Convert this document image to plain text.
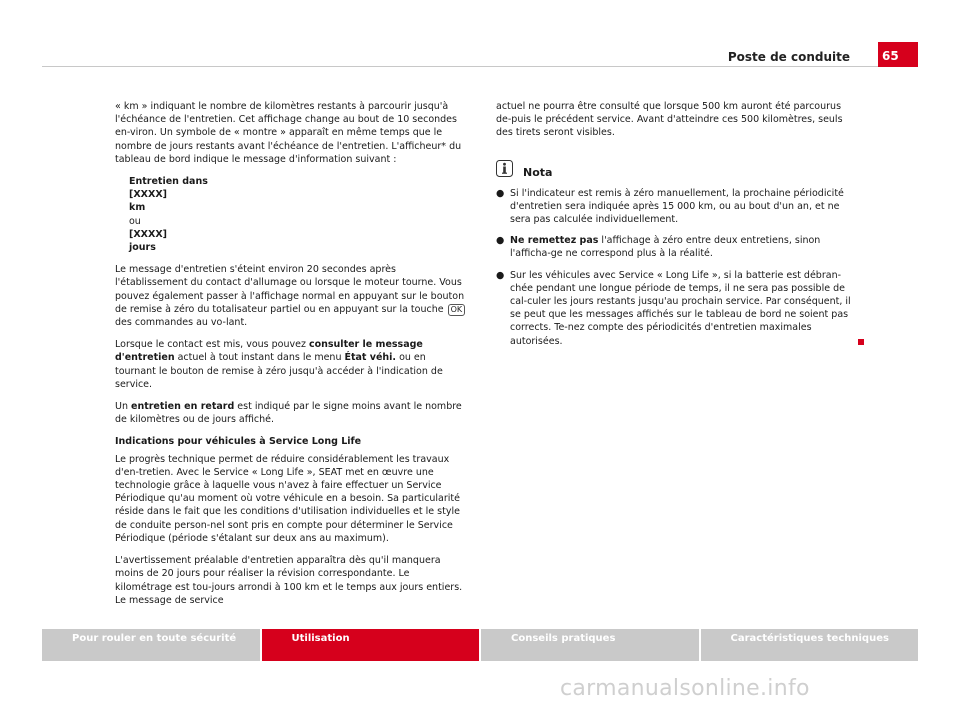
Poste de conduite	65

« km » indiquant le nombre de kilomètres restants à parcourir jusqu'à l'échéance de l'entretien. Cet affichage change au bout de 10 secondes en-viron. Un symbole de « montre » apparaît en même temps que le nombre de jours restants avant l'échéance de l'entretien. L'afficheur* du tableau de bord indique le message d'information suivant :

Entretien dans
[XXXX]
km
ou
[XXXX]
jours

Le message d'entretien s'éteint environ 20 secondes après l'établissement du contact d'allumage ou lorsque le moteur tourne. Vous pouvez également passer à l'affichage normal en appuyant sur le bouton de remise à zéro du totalisateur partiel ou en appuyant sur la touche OK des commandes au vo-lant.

Lorsque le contact est mis, vous pouvez consulter le message d'entretien actuel à tout instant dans le menu État véhi. ou en tournant le bouton de remise à zéro jusqu'à accéder à l'indication de service.

Un entretien en retard est indiqué par le signe moins avant le nombre de kilomètres ou de jours affiché.

Indications pour véhicules à Service Long Life

Le progrès technique permet de réduire considérablement les travaux d'en-tretien. Avec le Service « Long Life », SEAT met en œuvre une technologie grâce à laquelle vous n'avez à faire effectuer un Service Périodique qu'au moment où votre véhicule en a besoin. Sa particularité réside dans le fait que les conditions d'utilisation individuelles et le style de conduite person-nel sont pris en compte pour déterminer le Service Périodique (période s'étalant sur deux ans au maximum).

L'avertissement préalable d'entretien apparaîtra dès qu'il manquera moins de 20 jours pour réaliser la révision correspondante. Le kilométrage est tou-jours arrondi à 100 km et le temps aux jours entiers. Le message de service

actuel ne pourra être consulté que lorsque 500 km auront été parcourus de-puis le précédent service. Avant d'atteindre ces 500 kilomètres, seuls des tirets seront visibles.

Nota
● Si l'indicateur est remis à zéro manuellement, la prochaine périodicité d'entretien sera indiquée après 15 000 km, ou au bout d'un an, et ne sera pas calculée individuellement.
● Ne remettez pas l'affichage à zéro entre deux entretiens, sinon l'afficha-ge ne correspond plus à la réalité.
● Sur les véhicules avec Service « Long Life », si la batterie est débran-chée pendant une longue période de temps, il ne sera pas possible de cal-culer les jours restants jusqu'au prochain service. Par conséquent, il se peut que les messages affichés sur le tableau de bord ne soient pas corrects. Te-nez compte des périodicités d'entretien maximales autorisées.
Pour rouler en toute sécurité	Utilisation	Conseils pratiques	Caractéristiques techniques
carmanualsonline.info
